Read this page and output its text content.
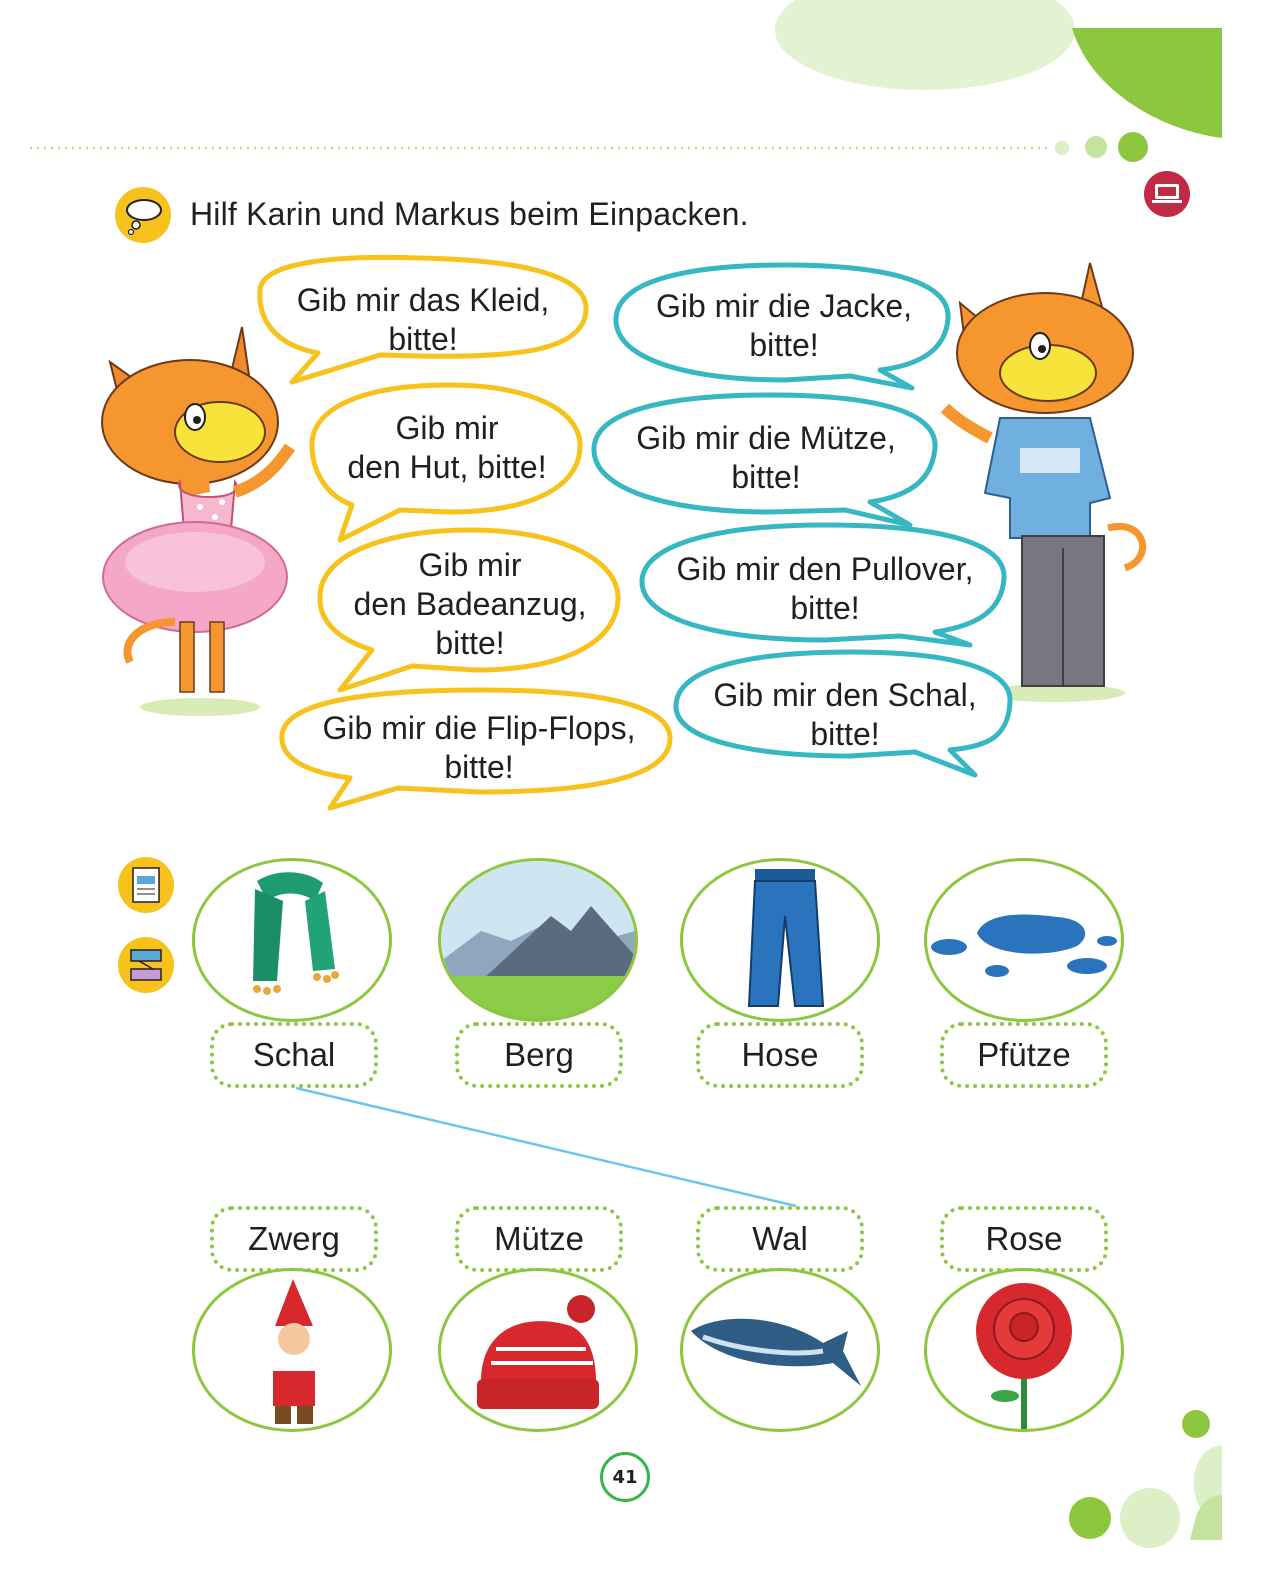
Hilf Karin und Markus beim Einpacken.
Gib mir das Kleid,
bitte!
Gib mir
den Hut, bitte!
Gib mir
den Badeanzug,
bitte!
Gib mir die Flip-Flops,
bitte!
Gib mir die Jacke,
bitte!
Gib mir die Mütze,
bitte!
Gib mir den Pullover,
bitte!
Gib mir den Schal,
bitte!
Schal	Berg	Hose	Pfütze
Zwerg	Mütze	Wal	Rose
41
